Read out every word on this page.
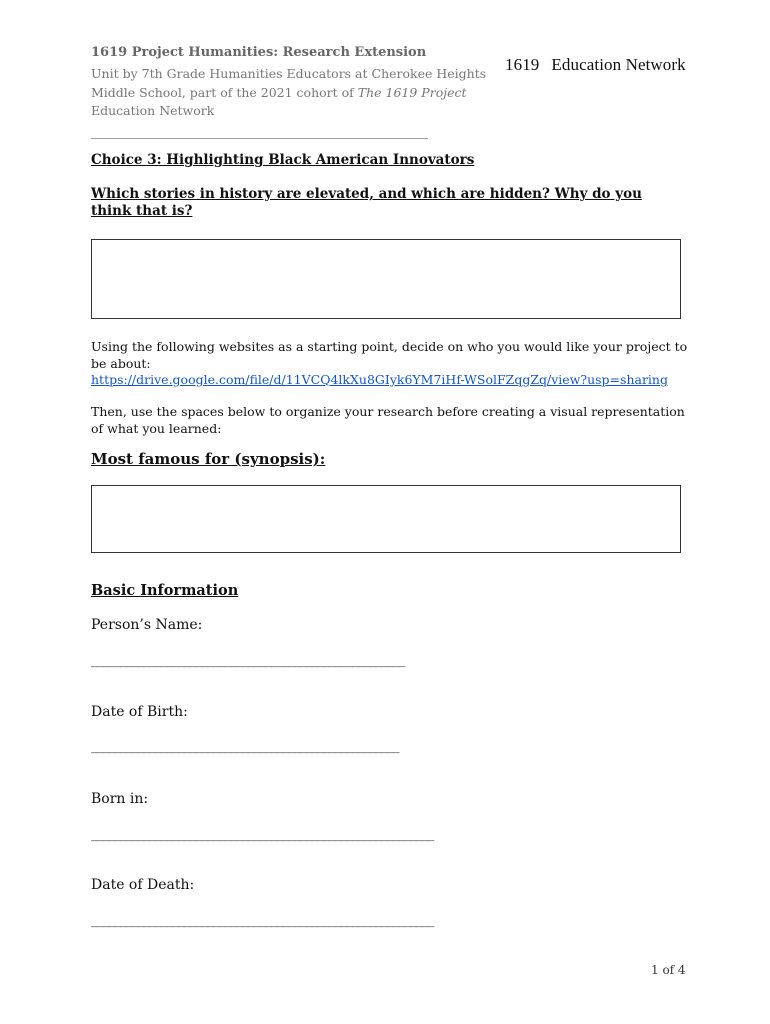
1619 Project Humanities: Research Extension
Unit by 7th Grade Humanities Educators at Cherokee Heights
Middle School, part of the 2021 cohort of The 1619 Project
Education Network
1619 Education Network
________________________________________________________________
Choice 3: Highlighting Black American Innovators
Which stories in history are elevated, and which are hidden? Why do you think that is?
Using the following websites as a starting point, decide on who you would like your project to be about:
https://drive.google.com/file/d/11VCQ4lkXu8GIyk6YM7iHf-WSolFZqgZq/view?usp=sharing
Then, use the spaces below to organize your research before creating a visual representation of what you learned:
Most famous for (synopsis):
Basic Information
Person’s Name:
______________________________________________________
Date of Birth:
_____________________________________________________
Born in:
___________________________________________________________
Date of Death:
___________________________________________________________
1 of 4
